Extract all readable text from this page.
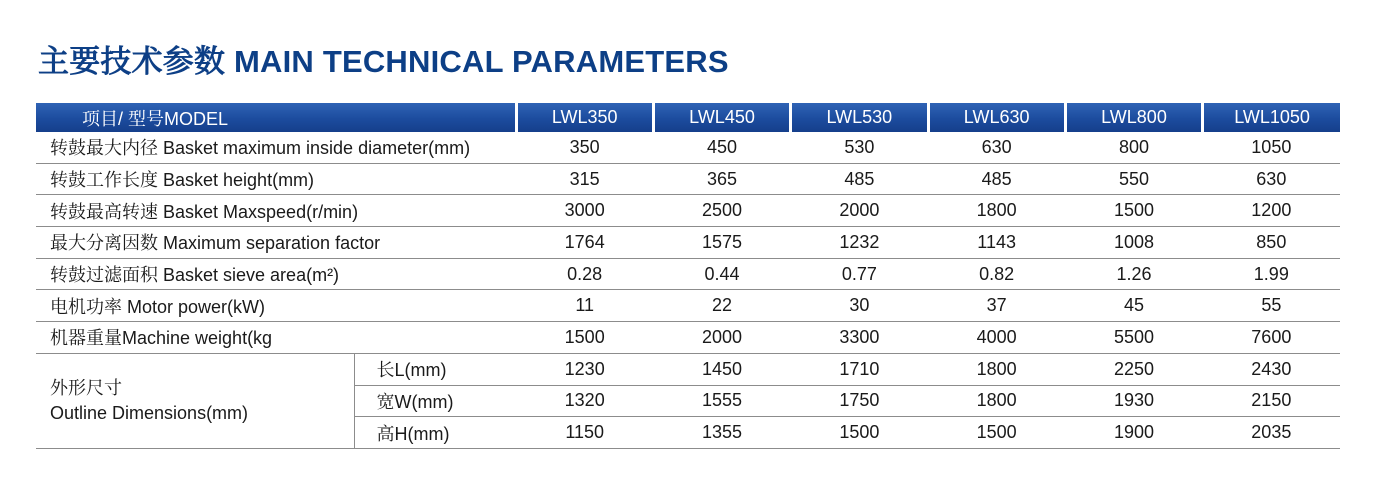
主要技术参数 MAIN TECHNICAL PARAMETERS
项目/ 型号MODEL		LWL350	LWL450	LWL530	LWL630	LWL800	LWL1050
转鼓最大内径 Basket maximum inside diameter(mm)		350	450	530	630	800	1050
转鼓工作长度 Basket height(mm)		315	365	485	485	550	630
转鼓最高转速 Basket Maxspeed(r/min)		3000	2500	2000	1800	1500	1200
最大分离因数 Maximum separation factor		1764	1575	1232	1143	1008	850
转鼓过滤面积 Basket sieve area(m²)		0.28	0.44	0.77	0.82	1.26	1.99
电机功率 Motor power(kW)		11	22	30	37	45	55
机器重量Machine weight(kg		1500	2000	3300	4000	5500	7600

外形尺寸
Outline Dimensions(mm)	长L(mm)	1230	1450	1710	1800	2250	2430
	宽W(mm)	1320	1555	1750	1800	1930	2150
	高H(mm)	1150	1355	1500	1500	1900	2035
